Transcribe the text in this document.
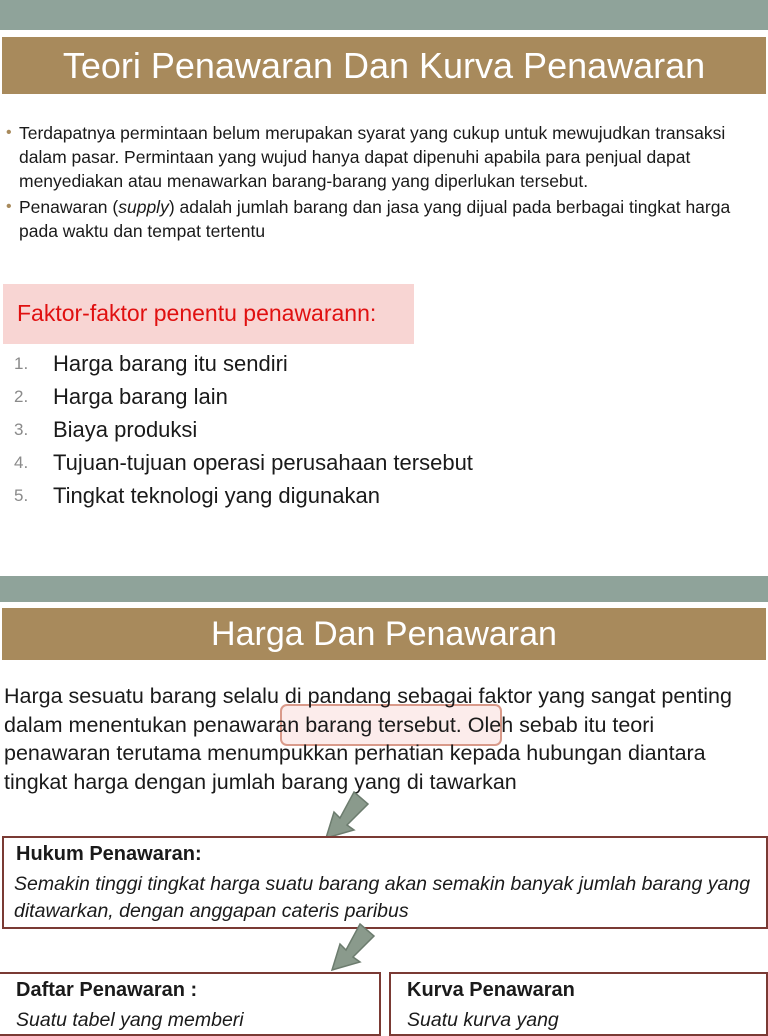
Teori Penawaran Dan Kurva Penawaran
• Terdapatnya permintaan belum merupakan syarat yang cukup untuk mewujudkan transaksi dalam pasar. Permintaan yang wujud hanya dapat dipenuhi apabila para penjual dapat menyediakan atau menawarkan barang-barang yang diperlukan tersebut.
• Penawaran (supply) adalah jumlah barang dan jasa yang dijual pada berbagai tingkat harga pada waktu dan tempat tertentu
Faktor-faktor penentu penawarann:
1.	Harga barang itu sendiri
2.	Harga barang lain
3.	Biaya produksi
4.	Tujuan-tujuan operasi perusahaan tersebut
5.	Tingkat teknologi yang digunakan
Harga Dan Penawaran
Harga sesuatu barang selalu di pandang sebagai faktor yang sangat penting dalam menentukan penawaran barang tersebut. Oleh sebab itu teori penawaran terutama menumpukkan perhatian kepada hubungan diantara tingkat harga dengan jumlah barang yang di tawarkan
Hukum Penawaran:
Semakin tinggi tingkat harga suatu barang akan semakin banyak jumlah barang yang ditawarkan, dengan anggapan cateris paribus
Daftar Penawaran :
Suatu tabel yang memberi
Kurva Penawaran
Suatu kurva yang
